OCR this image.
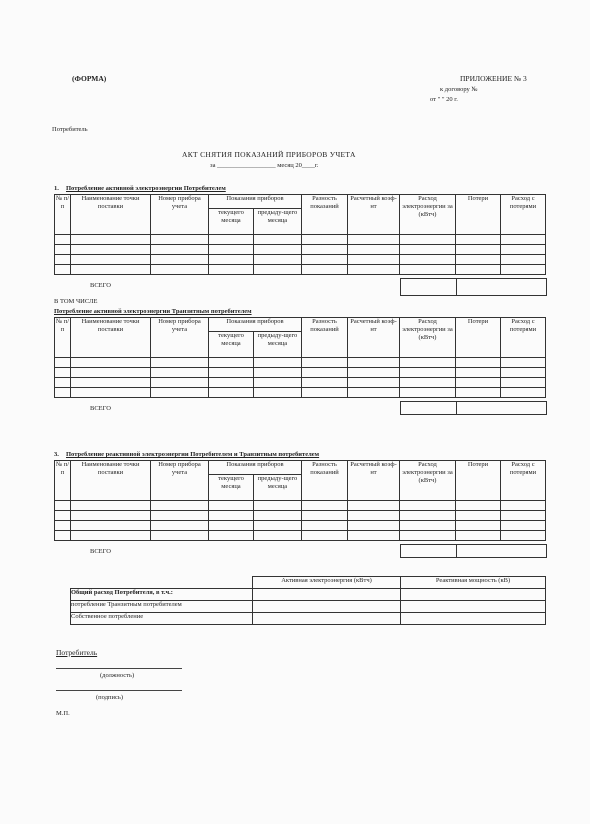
(ФОРМА)	ПРИЛОЖЕНИЕ № 3
к договору №
от " " 20 г.
Потребитель
АКТ СНЯТИЯ ПОКАЗАНИЙ ПРИБОРОВ УЧЕТА
за __________________ месяц 20____г.
1. Потребление активной электроэнергии Потребителем
№ п/п	Наименование точки поставки	Номер прибора учета	Показания приборов		Разность показаний	Расчетный коэф-нт	Расход электроэнергии за (кВтч)	Потери	Расход с потерями
			текущего месяца	предыду-щего месяца					

ВСЕГО
В ТОМ ЧИСЛЕ
Потребление активной электроэнергии Транзитным потребителем
№ п/п	Наименование точки поставки	Номер прибора учета	Показания приборов		Разность показаний	Расчетный коэф-нт	Расход электроэнергии за (кВтч)	Потери	Расход с потерями
			текущего месяца	предыду-щего месяца					

ВСЕГО
3. Потребление реактивной электроэнергии Потребителем и Транзитным потребителем
№ п/п	Наименование точки поставки	Номер прибора учета	Показания приборов		Разность показаний	Расчетный коэф-нт	Расход электроэнергии за (кВтч)	Потери	Расход с потерями
			текущего месяца	предыду-щего месяца					

ВСЕГО
	Активная электроэнергия (кВтч)	Реактивная мощность (кВ)
Общий расход Потребителя, в т.ч.:		
потребление Транзитным потребителем		
Собственное потребление		
Потребитель
(должность)
(подпись)
М.П.
